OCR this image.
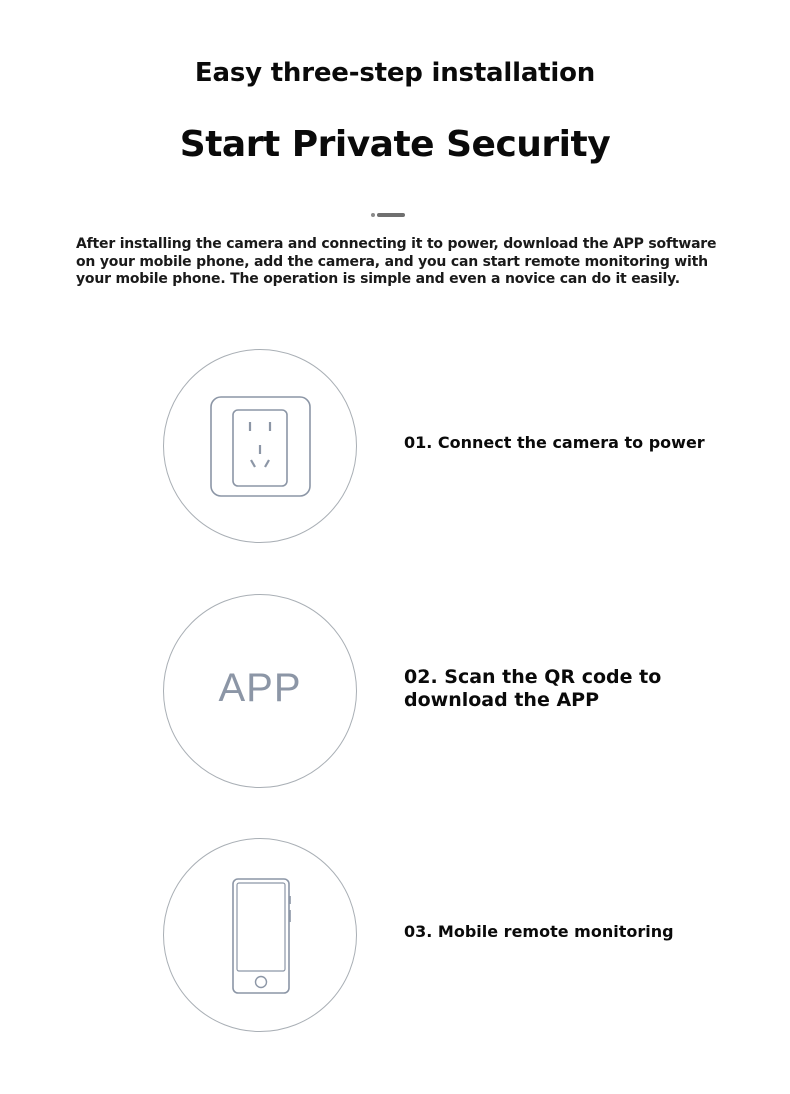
Easy three-step installation
Start Private Security
After installing the camera and connecting it to power, download the APP software on your mobile phone, add the camera, and you can start remote monitoring with your mobile phone. The operation is simple and even a novice can do it easily.
01. Connect the camera to power
APP	02. Scan the QR code to download the APP
03. Mobile remote monitoring
